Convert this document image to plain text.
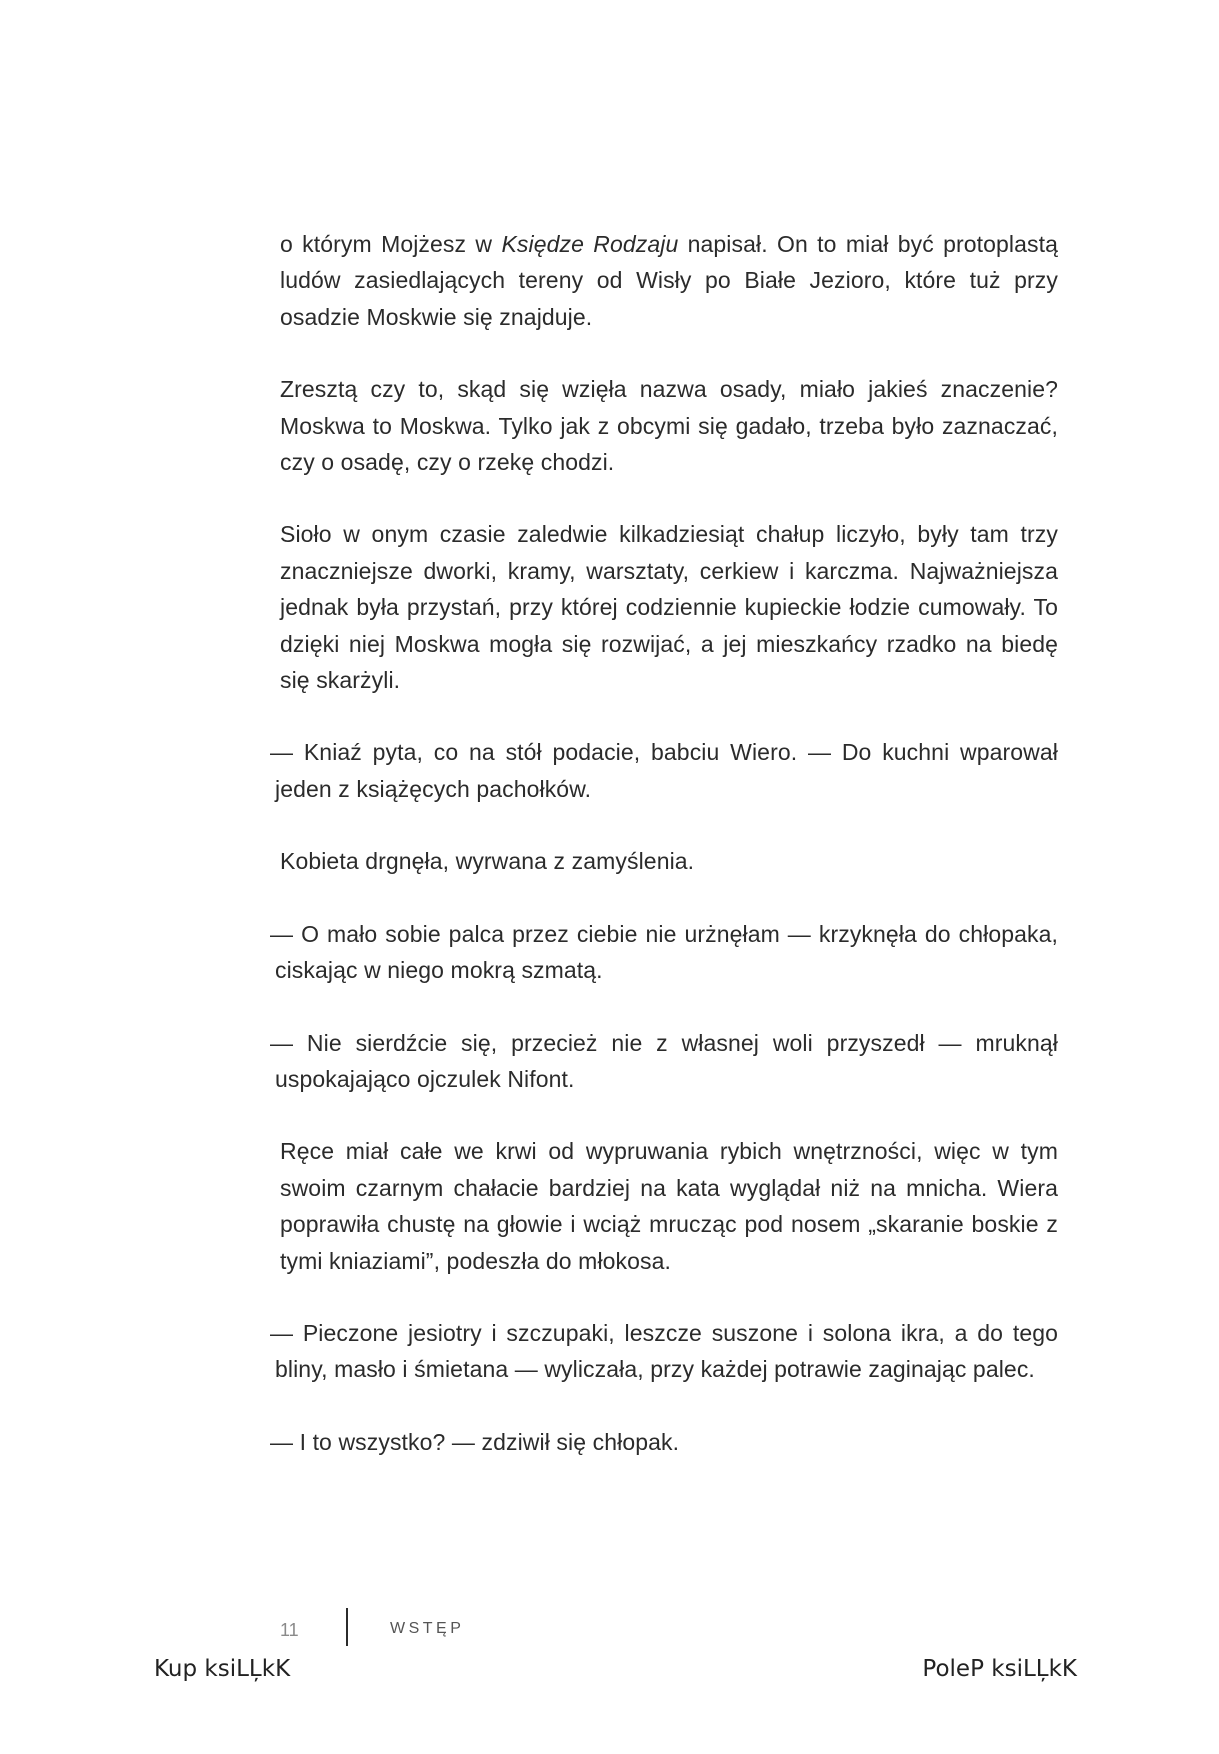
o którym Mojżesz w Księdze Rodzaju napisał. On to miał być protoplastą ludów zasiedlających tereny od Wisły po Białe Jezioro, które tuż przy osadzie Moskwie się znajduje.

Zresztą czy to, skąd się wzięła nazwa osady, miało jakieś znaczenie? Moskwa to Moskwa. Tylko jak z obcymi się gadało, trzeba było zaznaczać, czy o osadę, czy o rzekę chodzi.

Sioło w onym czasie zaledwie kilkadziesiąt chałup liczyło, były tam trzy znaczniejsze dworki, kramy, warsztaty, cerkiew i karczma. Najważniejsza jednak była przystań, przy której codziennie kupieckie łodzie cumowały. To dzięki niej Moskwa mogła się rozwijać, a jej mieszkańcy rzadko na biedę się skarżyli.

— Kniaź pyta, co na stół podacie, babciu Wiero. — Do kuchni wparował jeden z książęcych pachołków.

Kobieta drgnęła, wyrwana z zamyślenia.

— O mało sobie palca przez ciebie nie urżnęłam — krzyknęła do chłopaka, ciskając w niego mokrą szmatą.

— Nie sierdźcie się, przecież nie z własnej woli przyszedł — mruknął uspokajająco ojczulek Nifont.

Ręce miał całe we krwi od wypruwania rybich wnętrzności, więc w tym swoim czarnym chałacie bardziej na kata wyglądał niż na mnicha. Wiera poprawiła chustę na głowie i wciąż mrucząc pod nosem „skaranie boskie z tymi kniaziami”, podeszła do młokosa.

— Pieczone jesiotry i szczupaki, leszcze suszone i solona ikra, a do tego bliny, masło i śmietana — wyliczała, przy każdej potrawie zaginając palec.

— I to wszystko? — zdziwił się chłopak.

11	WSTĘP
Kup ksiLĻkK	PoleP ksiLĻkK
